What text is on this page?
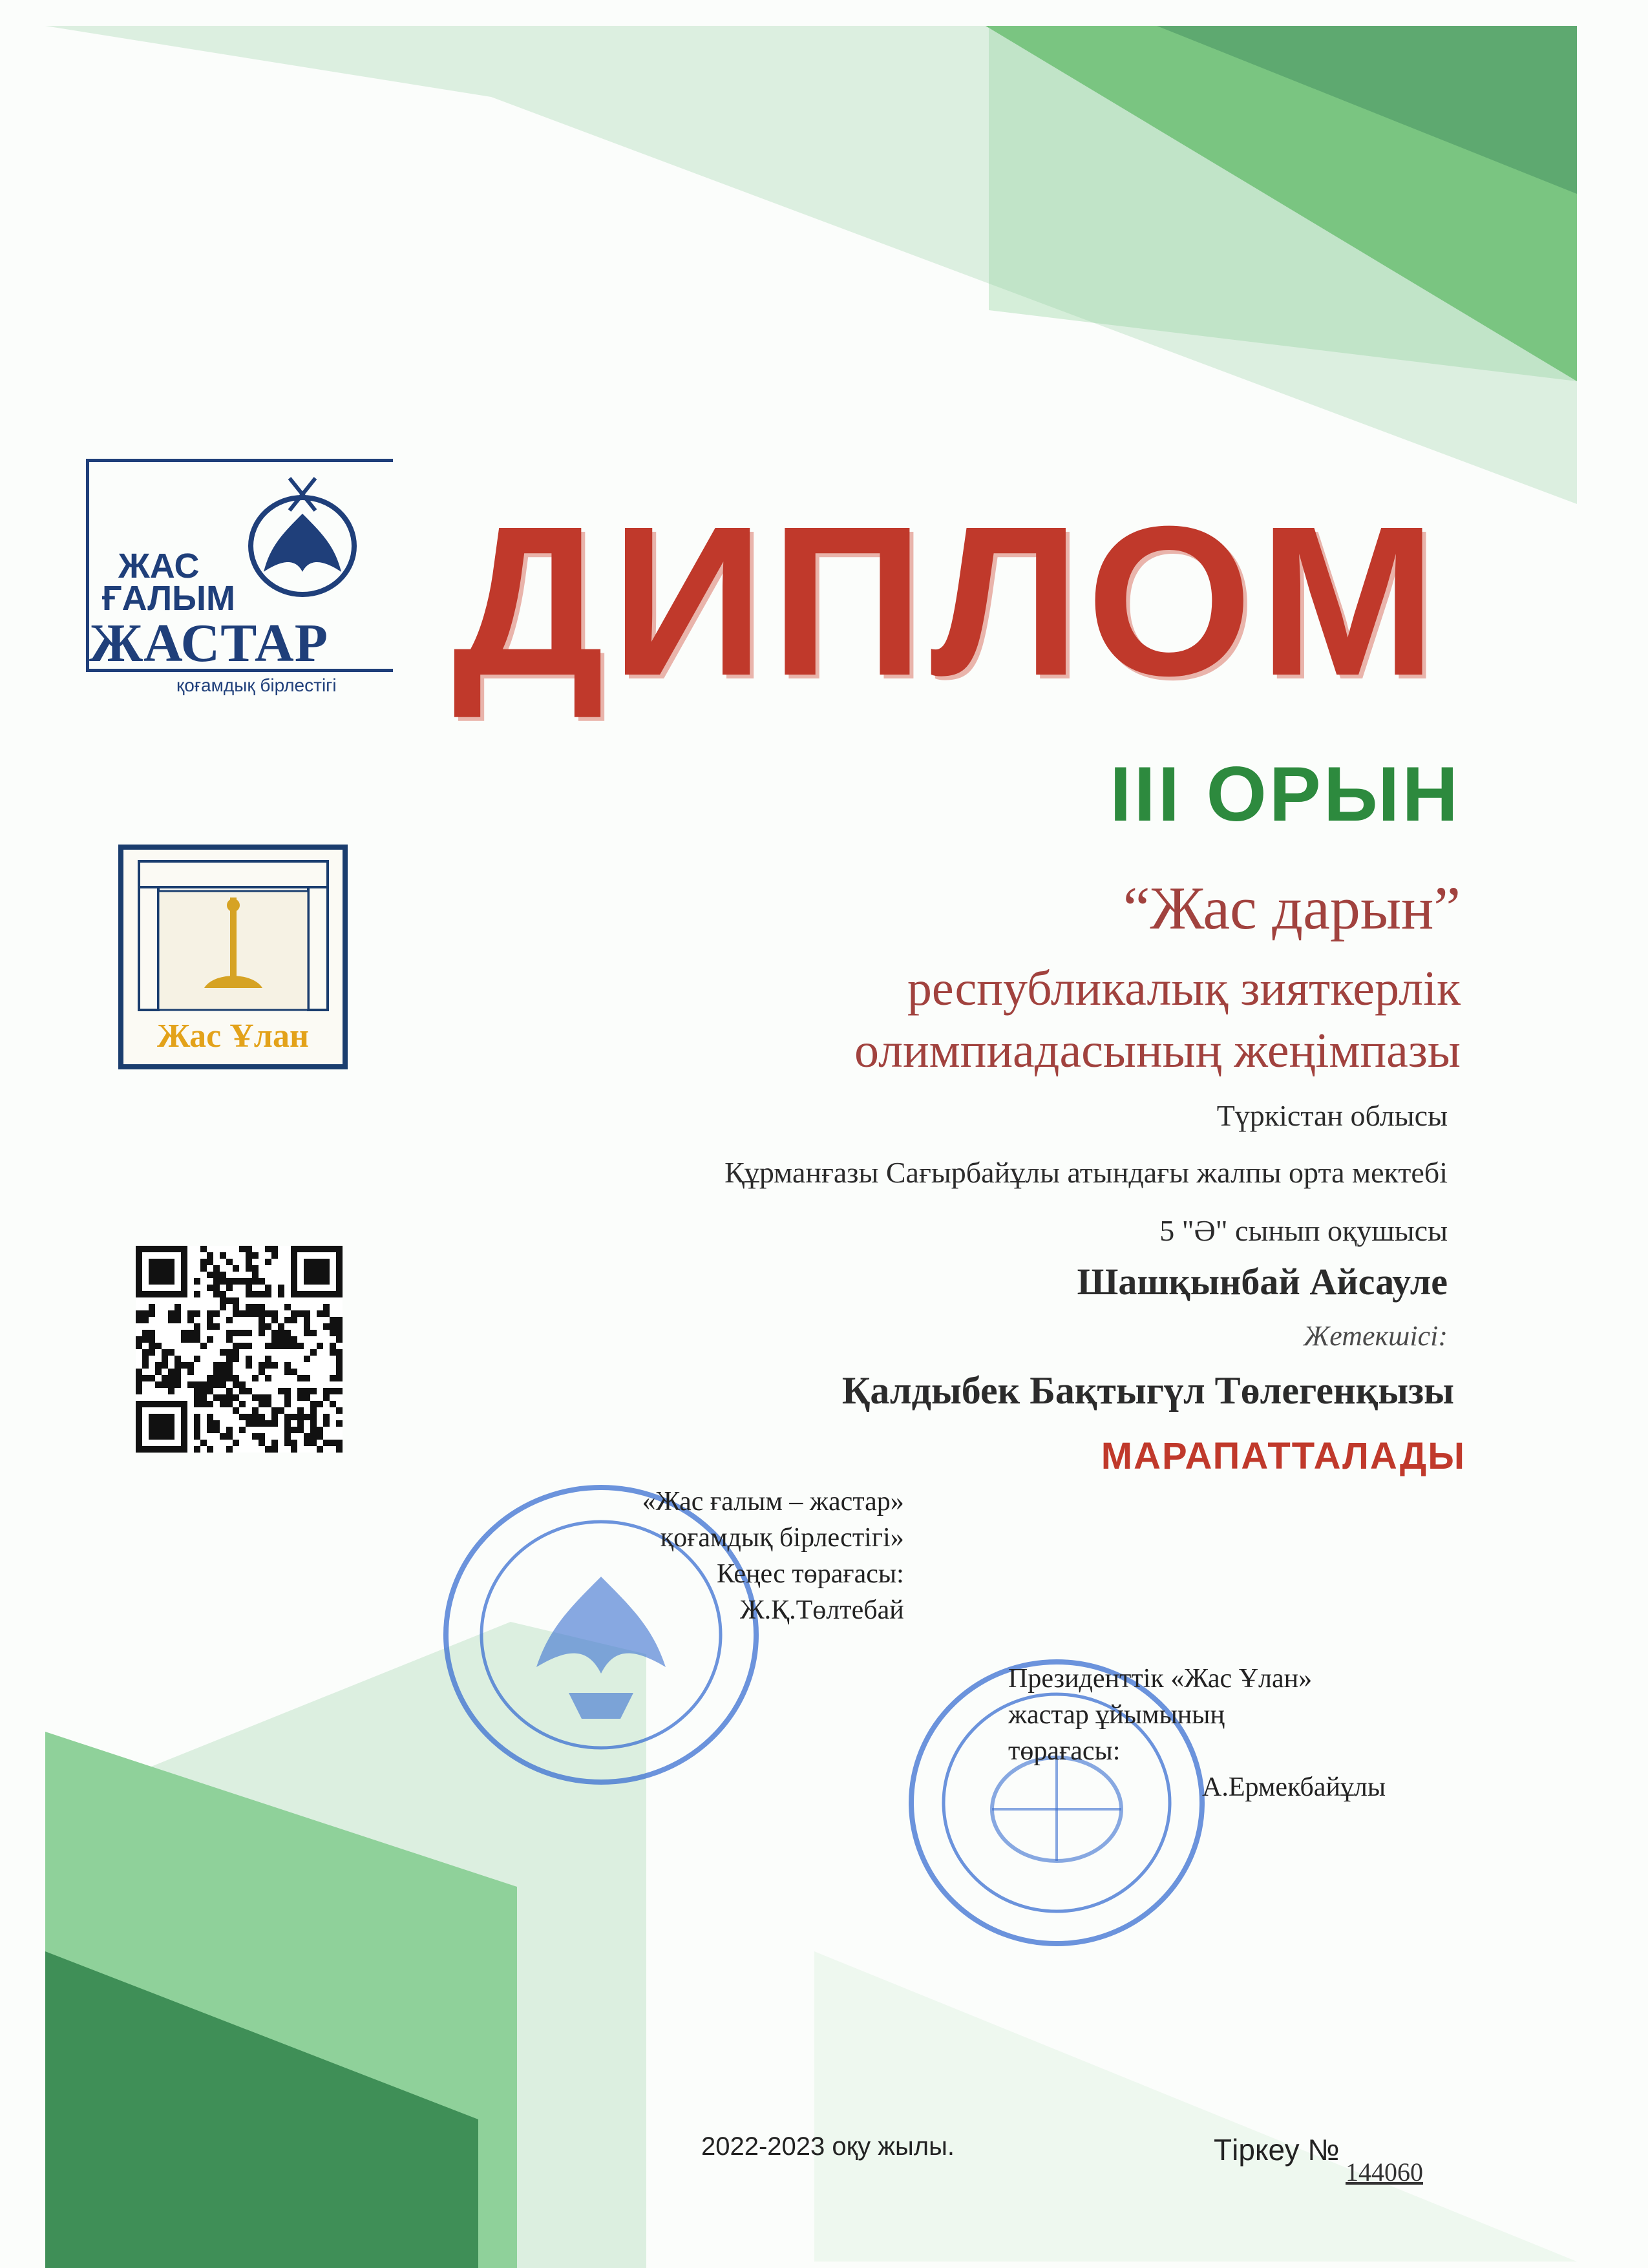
ЖАС
ҒАЛЫМ
ЖАСТАР
қоғамдық бірлестігі
Жас Ұлан
ДИПЛОМ
III ОРЫН
“Жас дарын”
республикалық зияткерлік
олимпиадасының жеңімпазы
Түркістан облысы
Құрманғазы Сағырбайұлы атындағы жалпы орта мектебі
5 "Ә" сынып оқушысы
Шашқынбай Айсауле
Жетекшісі:
Қалдыбек Бақтыгүл Төлегенқызы
МАРАПАТТАЛАДЫ
«Жас ғалым – жастар»
қоғамдық бірлестігі»
Кеңес төрағасы:
Ж.Қ.Төлтебай
Президенттік «Жас Ұлан»
жастар ұйымының
төрағасы:
А.Ермекбайұлы
2022-2023 оқу жылы.	Тіркеу №
144060
